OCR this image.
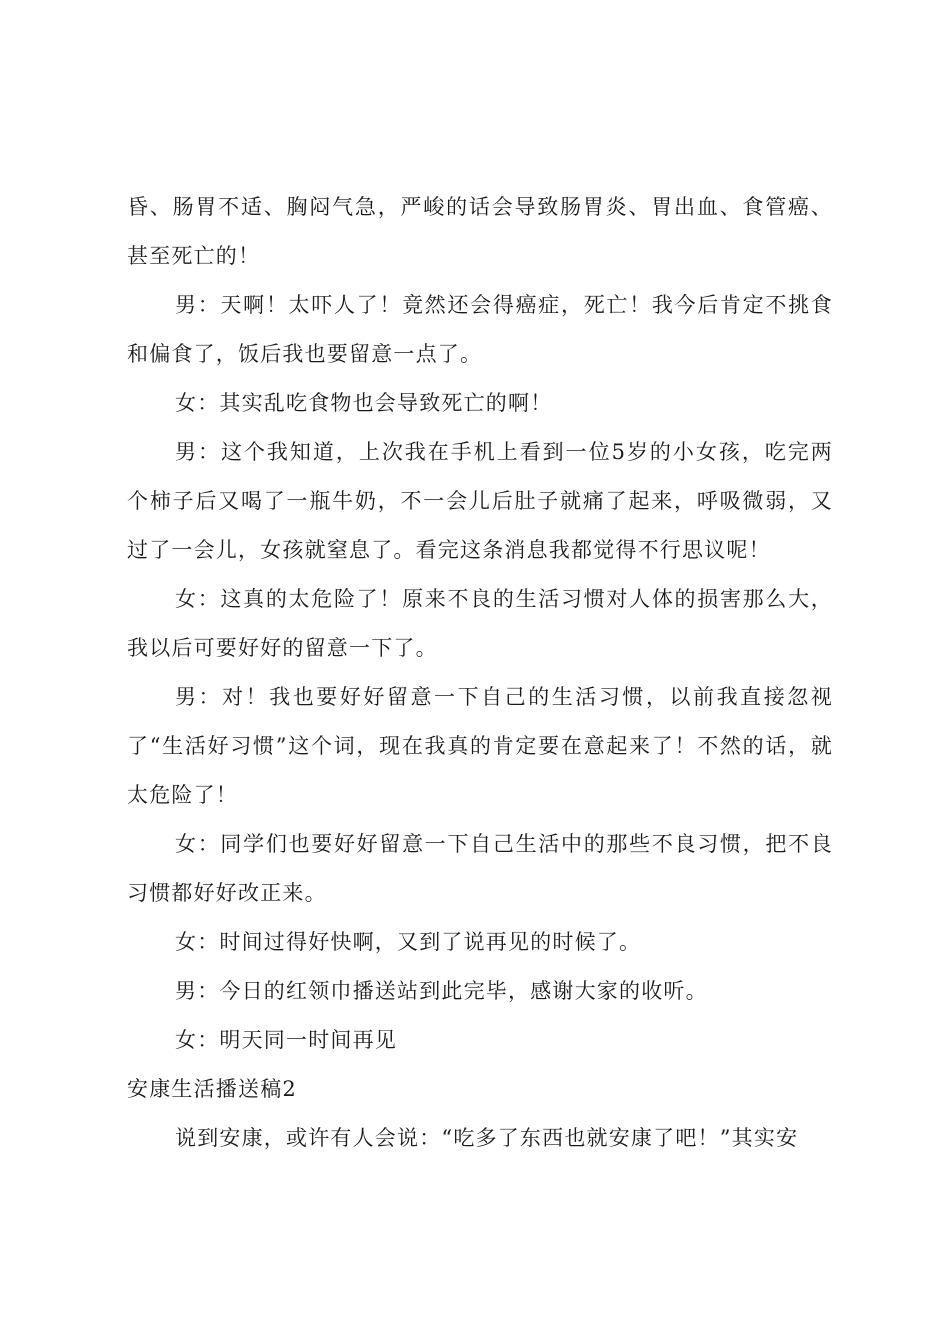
昏、肠胃不适、胸闷气急，严峻的话会导致肠胃炎、胃出血、食管癌、甚至死亡的！

男：天啊！太吓人了！竟然还会得癌症，死亡！我今后肯定不挑食和偏食了，饭后我也要留意一点了。

女：其实乱吃食物也会导致死亡的啊！

男：这个我知道，上次我在手机上看到一位5岁的小女孩，吃完两个柿子后又喝了一瓶牛奶，不一会儿后肚子就痛了起来，呼吸微弱，又过了一会儿，女孩就窒息了。看完这条消息我都觉得不行思议呢！

女：这真的太危险了！原来不良的生活习惯对人体的损害那么大，我以后可要好好的留意一下了。

男：对！我也要好好留意一下自己的生活习惯，以前我直接忽视了“生活好习惯”这个词，现在我真的肯定要在意起来了！不然的话，就太危险了！

女：同学们也要好好留意一下自己生活中的那些不良习惯，把不良习惯都好好改正来。

女：时间过得好快啊，又到了说再见的时候了。

男：今日的红领巾播送站到此完毕，感谢大家的收听。

女：明天同一时间再见

安康生活播送稿2

说到安康，或许有人会说：“吃多了东西也就安康了吧！”其实安
